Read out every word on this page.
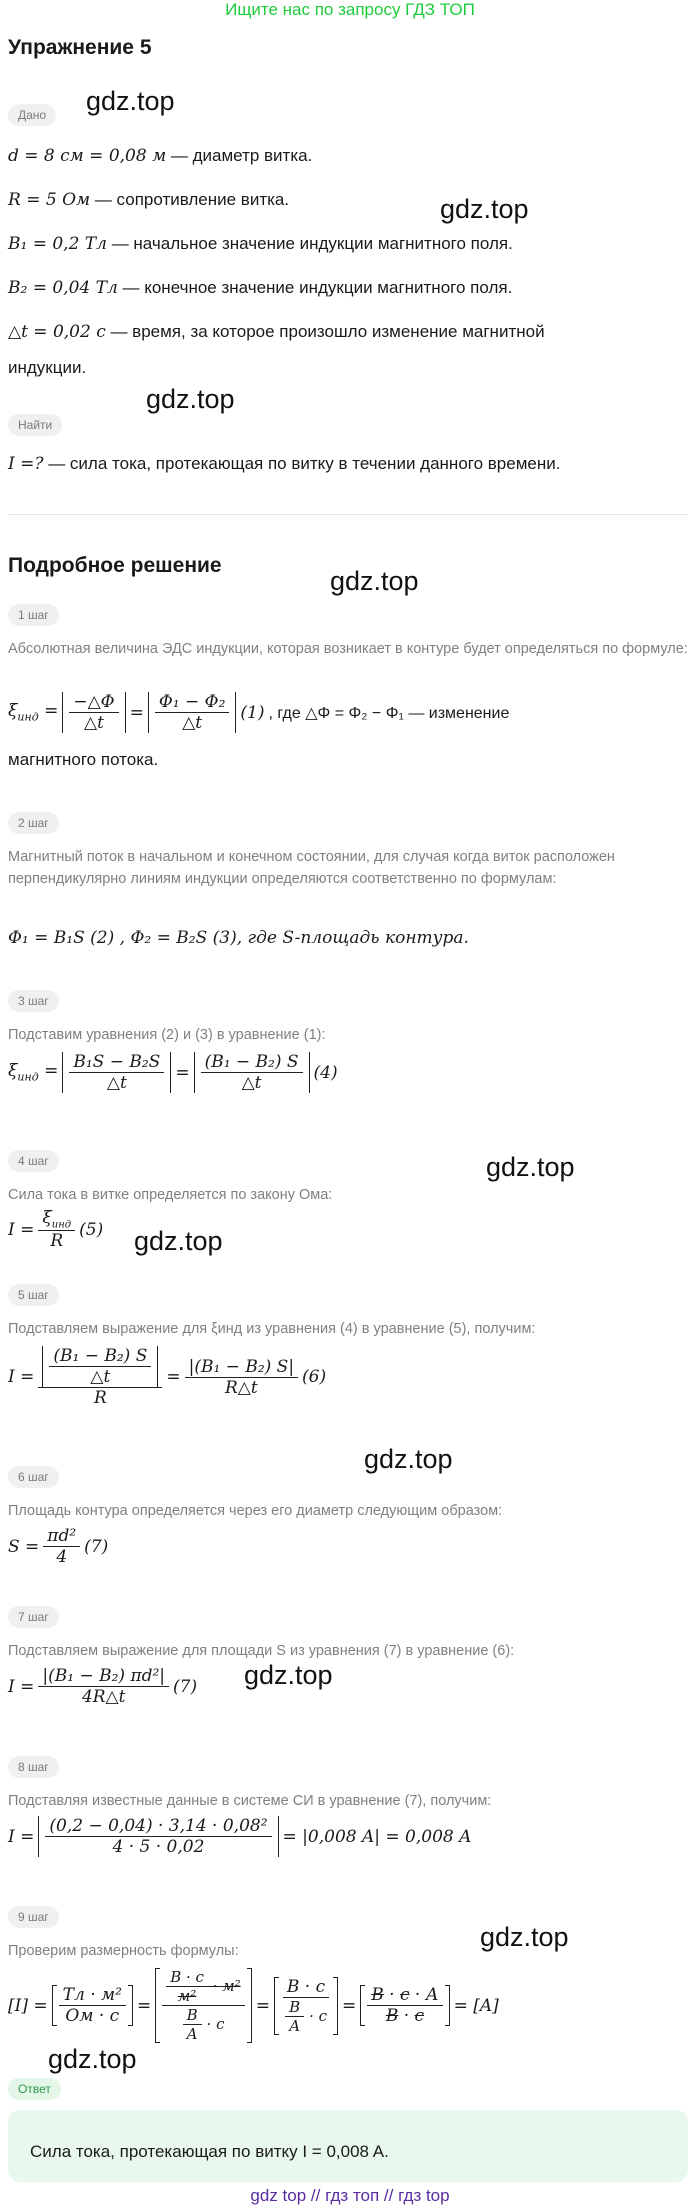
Ищите нас по запросу ГДЗ ТОП
Упражнение 5
Дано
d = 8 см = 0,08 м — диаметр витка.
R = 5 Ом — сопротивление витка.
B₁ = 0,2 Тл — начальное значение индукции магнитного поля.
B₂ = 0,04 Тл — конечное значение индукции магнитного поля.
△t = 0,02 с — время, за которое произошло изменение магнитной
индукции.
Найти
I =? — сила тока, протекающая по витку в течении данного времени.
Подробное решение
1 шаг
Абсолютная величина ЭДС индукции, которая возникает в контуре будет определяться по формуле:
$\xi_{инд} = \frac{-\triangle\Phi}{\triangle t} = \frac{\text{Φ₁ − Φ₂}}{\triangle t} (1)$ , где △Φ = Φ₂ − Φ₁ — изменение
магнитного потока.
2 шаг
Магнитный поток в начальном и конечном состоянии, для случая когда виток расположен перпендикулярно линиям индукции определяются соответственно по формулам:
Φ₁ = B₁S (2) , Φ₂ = B₂S (3), где S-площадь контура.
3 шаг
Подставим уравнения (2) и (3) в уравнение (1):
$\xi_{инд} = \frac{\text{B₁S − B₂S}}{\triangle t} = \frac{\text{(B₁ − B₂) S}}{\triangle t} (4)$
4 шаг
Сила тока в витке определяется по закону Ома:
$I = \frac{\xi_{инд}}{R} (5)$
5 шаг
Подставляем выражение для ξинд из уравнения (4) в уравнение (5), получим:
$I = \frac{\frac{\text{(B₁ − B₂) S}}{\triangle t}}{R} = \frac{\text{|(B₁ − B₂) S|}}{R\triangle t} (6)$
6 шаг
Площадь контура определяется через его диаметр следующим образом:
$S = \frac{\text{πd²}}{4} (7)$
7 шаг
Подставляем выражение для площади S из уравнения (7) в уравнение (6):
$I = \frac{\text{|(B₁ − B₂) πd²|}}{4R\triangle t} (7)$
8 шаг
Подставляя известные данные в системе СИ в уравнение (7), получим:
$I = \frac{\text{(0,2 − 0,04) · 3,14 · 0,08²}}{4 \cdot 5 \cdot 0,02} = |0,008$ A| = 0,008 A
9 шаг
Проверим размерность формулы:
$[I] = \frac{\text{Тл · м²}}{Ом \cdot с} = \frac{\frac{В \cdot с}{\text{м²}} \cdot м^2}{\frac{В}{А} \cdot с} = \frac{В \cdot с}{\frac{В}{А} \cdot с} = \frac{В \cdot с \cdot А}{В \cdot с} = [A]$
Ответ
Сила тока, протекающая по витку I = 0,008 A.
gdz.top
gdz.top
gdz.top
gdz.top
gdz.top
gdz.top
gdz.top
gdz.top
gdz.top
gdz.top
gdz top // гдз топ // гдз top
